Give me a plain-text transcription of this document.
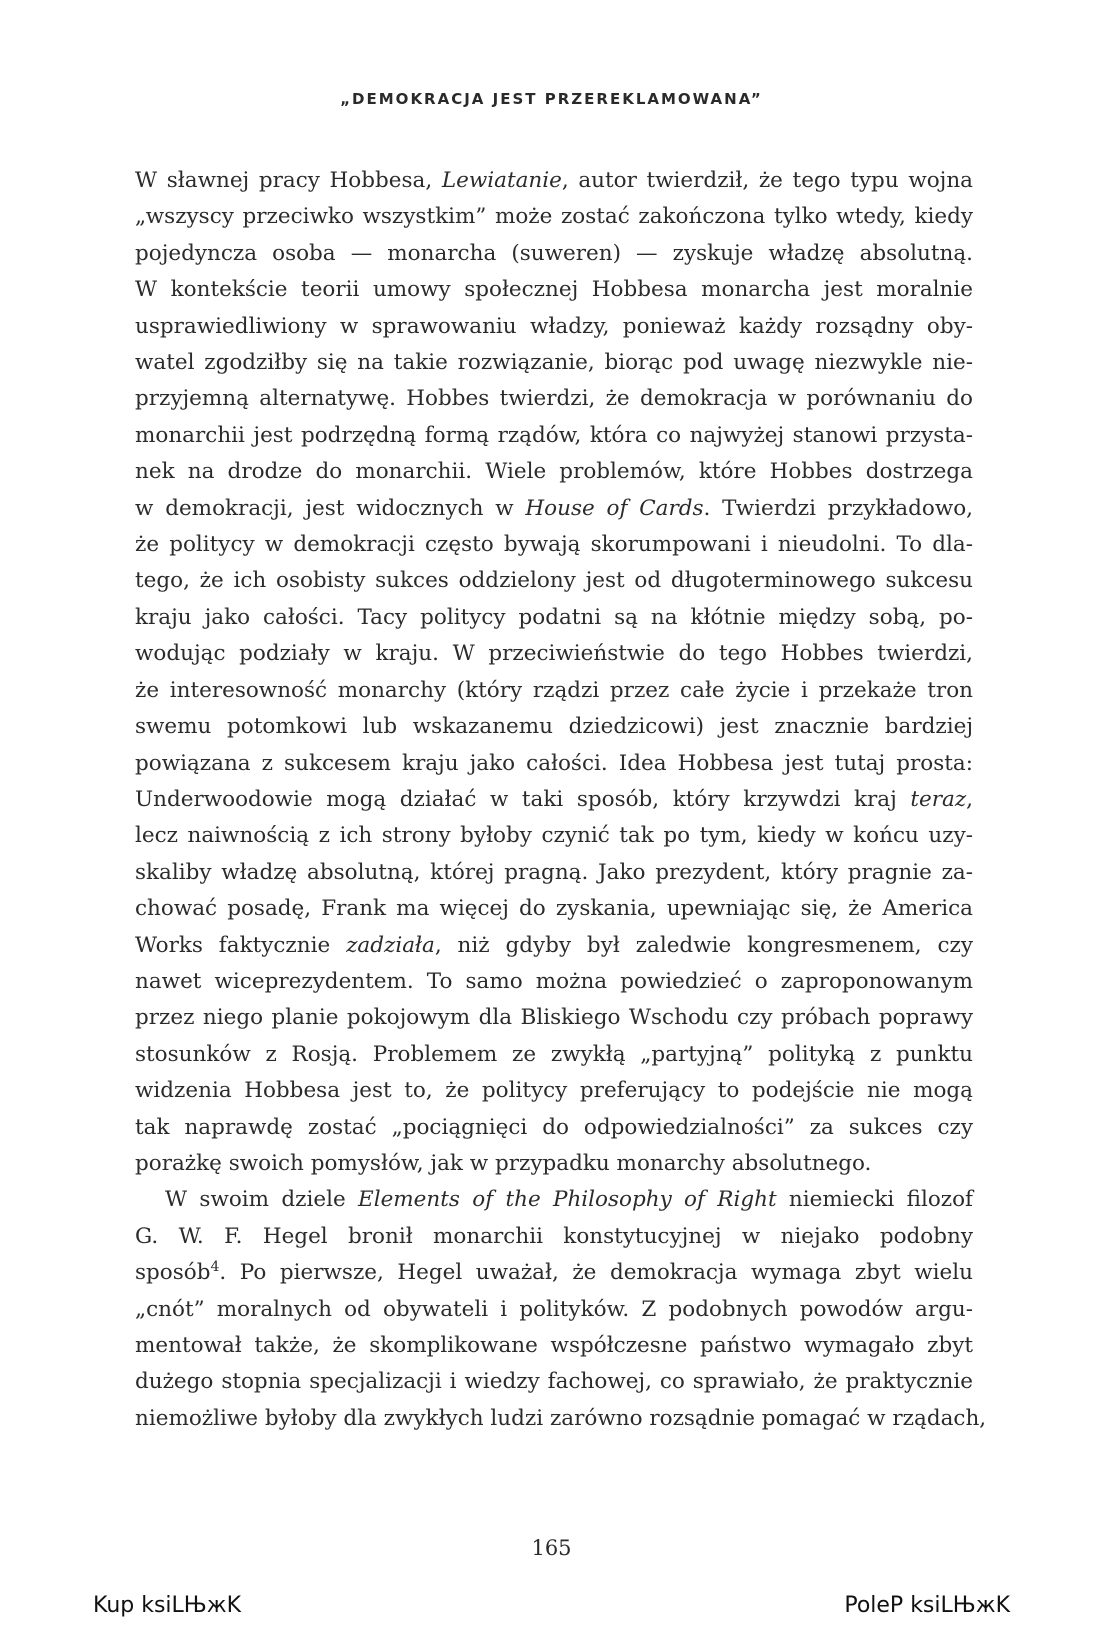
„DEMOKRACJA JEST PRZEREKLAMOWANA”
W sławnej pracy Hobbesa, Lewiatanie, autor twierdził, że tego typu wojna
„wszyscy przeciwko wszystkim” może zostać zakończona tylko wtedy, kiedy
pojedyncza osoba — monarcha (suweren) — zyskuje władzę absolutną.
W kontekście teorii umowy społecznej Hobbesa monarcha jest moralnie
usprawiedliwiony w sprawowaniu władzy, ponieważ każdy rozsądny oby-
watel zgodziłby się na takie rozwiązanie, biorąc pod uwagę niezwykle nie-
przyjemną alternatywę. Hobbes twierdzi, że demokracja w porównaniu do
monarchii jest podrzędną formą rządów, która co najwyżej stanowi przysta-
nek na drodze do monarchii. Wiele problemów, które Hobbes dostrzega
w demokracji, jest widocznych w House of Cards. Twierdzi przykładowo,
że politycy w demokracji często bywają skorumpowani i nieudolni. To dla-
tego, że ich osobisty sukces oddzielony jest od długoterminowego sukcesu
kraju jako całości. Tacy politycy podatni są na kłótnie między sobą, po-
wodując podziały w kraju. W przeciwieństwie do tego Hobbes twierdzi,
że interesowność monarchy (który rządzi przez całe życie i przekaże tron
swemu potomkowi lub wskazanemu dziedzicowi) jest znacznie bardziej
powiązana z sukcesem kraju jako całości. Idea Hobbesa jest tutaj prosta:
Underwoodowie mogą działać w taki sposób, który krzywdzi kraj teraz,
lecz naiwnością z ich strony byłoby czynić tak po tym, kiedy w końcu uzy-
skaliby władzę absolutną, której pragną. Jako prezydent, który pragnie za-
chować posadę, Frank ma więcej do zyskania, upewniając się, że America
Works faktycznie zadziała, niż gdyby był zaledwie kongresmenem, czy
nawet wiceprezydentem. To samo można powiedzieć o zaproponowanym
przez niego planie pokojowym dla Bliskiego Wschodu czy próbach poprawy
stosunków z Rosją. Problemem ze zwykłą „partyjną” polityką z punktu
widzenia Hobbesa jest to, że politycy preferujący to podejście nie mogą
tak naprawdę zostać „pociągnięci do odpowiedzialności” za sukces czy
porażkę swoich pomysłów, jak w przypadku monarchy absolutnego.
W swoim dziele Elements of the Philosophy of Right niemiecki filozof
G. W. F. Hegel bronił monarchii konstytucyjnej w niejako podobny
sposób$^4$. Po pierwsze, Hegel uważał, że demokracja wymaga zbyt wielu
„cnót” moralnych od obywateli i polityków. Z podobnych powodów argu-
mentował także, że skomplikowane współczesne państwo wymagało zbyt
dużego stopnia specjalizacji i wiedzy fachowej, co sprawiało, że praktycznie
niemożliwe byłoby dla zwykłych ludzi zarówno rozsądnie pomagać w rządach,
165
Kup ksiLЊжK	PoleP ksiLЊжK
